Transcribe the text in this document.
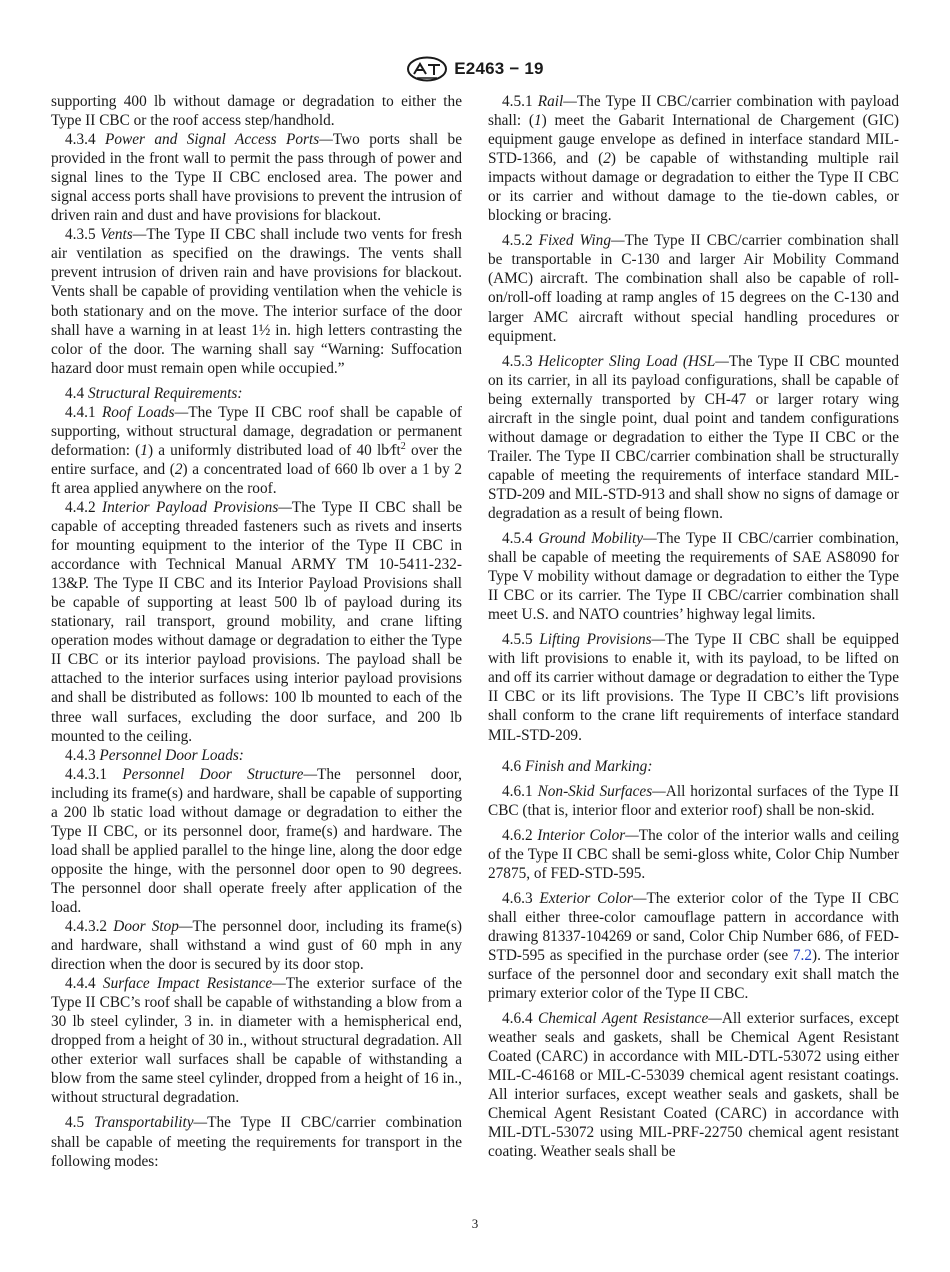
E2463 − 19

supporting 400 lb without damage or degradation to either the Type II CBC or the roof access step/handhold.

4.3.4 Power and Signal Access Ports—Two ports shall be provided in the front wall to permit the pass through of power and signal lines to the Type II CBC enclosed area. The power and signal access ports shall have provisions to prevent the intrusion of driven rain and dust and have provisions for blackout.

4.3.5 Vents—The Type II CBC shall include two vents for fresh air ventilation as specified on the drawings. The vents shall prevent intrusion of driven rain and have provisions for blackout. Vents shall be capable of providing ventilation when the vehicle is both stationary and on the move. The interior surface of the door shall have a warning in at least 1½ in. high letters contrasting the color of the door. The warning shall say “Warning: Suffocation hazard door must remain open while occupied.”

4.4 Structural Requirements:

4.4.1 Roof Loads—The Type II CBC roof shall be capable of supporting, without structural damage, degradation or permanent deformation: (1) a uniformly distributed load of 40 $lb⁄ft^2$ over the entire surface, and (2) a concentrated load of 660 lb over a 1 by 2 ft area applied anywhere on the roof.

4.4.2 Interior Payload Provisions—The Type II CBC shall be capable of accepting threaded fasteners such as rivets and inserts for mounting equipment to the interior of the Type II CBC in accordance with Technical Manual ARMY TM 10-5411-232-13&P. The Type II CBC and its Interior Payload Provisions shall be capable of supporting at least 500 lb of payload during its stationary, rail transport, ground mobility, and crane lifting operation modes without damage or degradation to either the Type II CBC or its interior payload provisions. The payload shall be attached to the interior surfaces using interior payload provisions and shall be distributed as follows: 100 lb mounted to each of the three wall surfaces, excluding the door surface, and 200 lb mounted to the ceiling.

4.4.3 Personnel Door Loads:

4.4.3.1 Personnel Door Structure—The personnel door, including its frame(s) and hardware, shall be capable of supporting a 200 lb static load without damage or degradation to either the Type II CBC, or its personnel door, frame(s) and hardware. The load shall be applied parallel to the hinge line, along the door edge opposite the hinge, with the personnel door open to 90 degrees. The personnel door shall operate freely after application of the load.

4.4.3.2 Door Stop—The personnel door, including its frame(s) and hardware, shall withstand a wind gust of 60 mph in any direction when the door is secured by its door stop.

4.4.4 Surface Impact Resistance—The exterior surface of the Type II CBC’s roof shall be capable of withstanding a blow from a 30 lb steel cylinder, 3 in. in diameter with a hemispherical end, dropped from a height of 30 in., without structural degradation. All other exterior wall surfaces shall be capable of withstanding a blow from the same steel cylinder, dropped from a height of 16 in., without structural degradation.

4.5 Transportability—The Type II CBC/carrier combination shall be capable of meeting the requirements for transport in the following modes:

4.5.1 Rail—The Type II CBC/carrier combination with payload shall: (1) meet the Gabarit International de Chargement (GIC) equipment gauge envelope as defined in interface standard MIL-STD-1366, and (2) be capable of withstanding multiple rail impacts without damage or degradation to either the Type II CBC or its carrier and without damage to the tie-down cables, or blocking or bracing.

4.5.2 Fixed Wing—The Type II CBC/carrier combination shall be transportable in C-130 and larger Air Mobility Command (AMC) aircraft. The combination shall also be capable of roll-on/roll-off loading at ramp angles of 15 degrees on the C-130 and larger AMC aircraft without special handling procedures or equipment.

4.5.3 Helicopter Sling Load (HSL—The Type II CBC mounted on its carrier, in all its payload configurations, shall be capable of being externally transported by CH-47 or larger rotary wing aircraft in the single point, dual point and tandem configurations without damage or degradation to either the Type II CBC or the Trailer. The Type II CBC/carrier combination shall be structurally capable of meeting the requirements of interface standard MIL-STD-209 and MIL-STD-913 and shall show no signs of damage or degradation as a result of being flown.

4.5.4 Ground Mobility—The Type II CBC/carrier combination, shall be capable of meeting the requirements of SAE AS8090 for Type V mobility without damage or degradation to either the Type II CBC or its carrier. The Type II CBC/carrier combination shall meet U.S. and NATO countries’ highway legal limits.

4.5.5 Lifting Provisions—The Type II CBC shall be equipped with lift provisions to enable it, with its payload, to be lifted on and off its carrier without damage or degradation to either the Type II CBC or its lift provisions. The Type II CBC’s lift provisions shall conform to the crane lift requirements of interface standard MIL-STD-209.

4.6 Finish and Marking:

4.6.1 Non-Skid Surfaces—All horizontal surfaces of the Type II CBC (that is, interior floor and exterior roof) shall be non-skid.

4.6.2 Interior Color—The color of the interior walls and ceiling of the Type II CBC shall be semi-gloss white, Color Chip Number 27875, of FED-STD-595.

4.6.3 Exterior Color—The exterior color of the Type II CBC shall either three-color camouflage pattern in accordance with drawing 81337-104269 or sand, Color Chip Number 686, of FED-STD-595 as specified in the purchase order (see 7.2). The interior surface of the personnel door and secondary exit shall match the primary exterior color of the Type II CBC.

4.6.4 Chemical Agent Resistance—All exterior surfaces, except weather seals and gaskets, shall be Chemical Agent Resistant Coated (CARC) in accordance with MIL-DTL-53072 using either MIL-C-46168 or MIL-C-53039 chemical agent resistant coatings. All interior surfaces, except weather seals and gaskets, shall be Chemical Agent Resistant Coated (CARC) in accordance with MIL-DTL-53072 using MIL-PRF-22750 chemical agent resistant coating. Weather seals shall be

3
